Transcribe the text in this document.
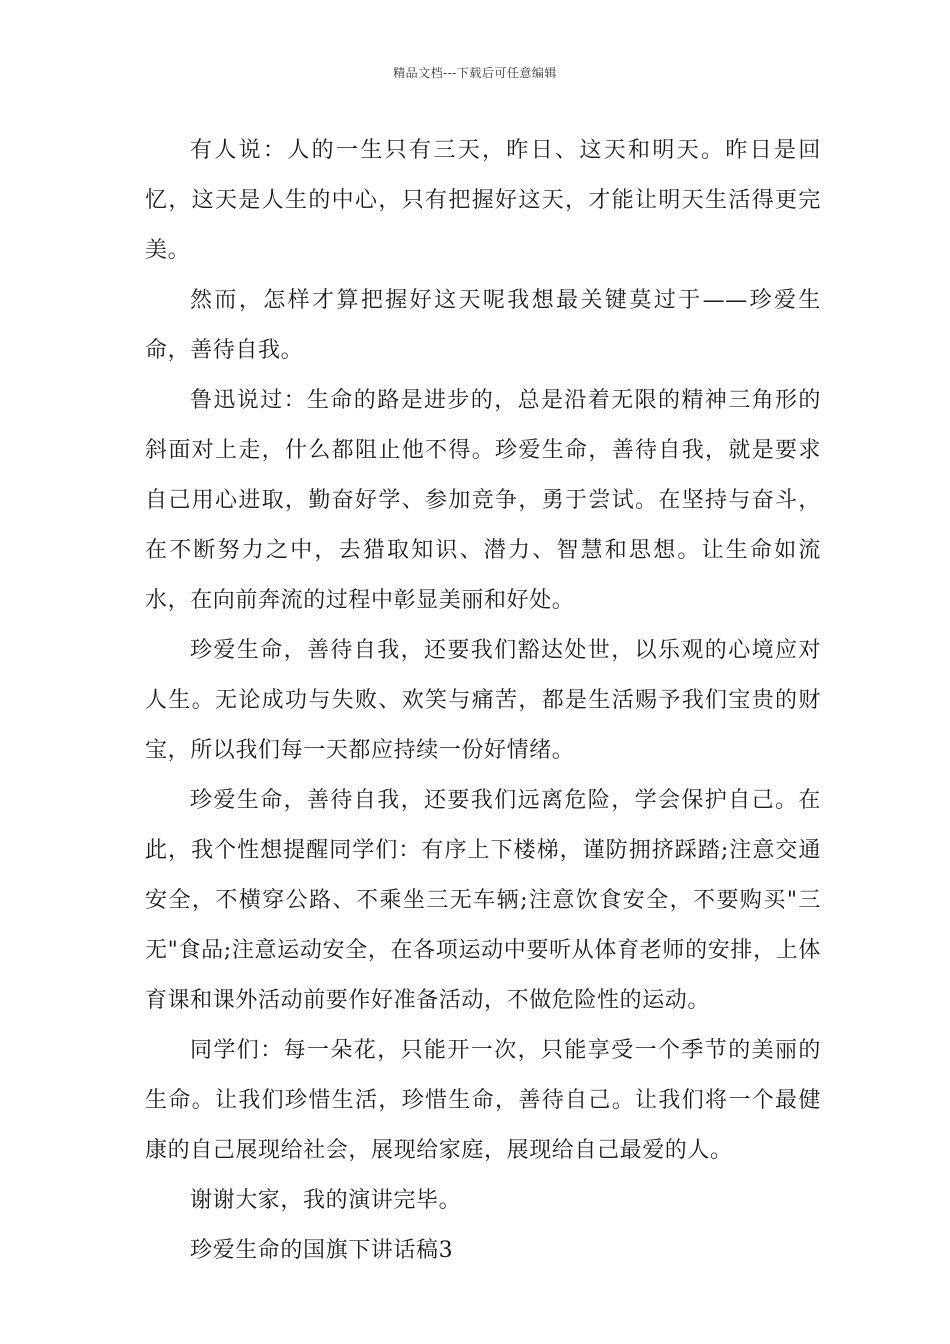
精品文档---下载后可任意编辑

有人说：人的一生只有三天，昨日、这天和明天。昨日是回忆，这天是人生的中心，只有把握好这天，才能让明天生活得更完美。

然而，怎样才算把握好这天呢我想最关键莫过于——珍爱生命，善待自我。

鲁迅说过：生命的路是进步的，总是沿着无限的精神三角形的斜面对上走，什么都阻止他不得。珍爱生命，善待自我，就是要求自己用心进取，勤奋好学、参加竞争，勇于尝试。在坚持与奋斗，在不断努力之中，去猎取知识、潜力、智慧和思想。让生命如流水，在向前奔流的过程中彰显美丽和好处。

珍爱生命，善待自我，还要我们豁达处世，以乐观的心境应对人生。无论成功与失败、欢笑与痛苦，都是生活赐予我们宝贵的财宝，所以我们每一天都应持续一份好情绪。

珍爱生命，善待自我，还要我们远离危险，学会保护自己。在此，我个性想提醒同学们：有序上下楼梯，谨防拥挤踩踏;注意交通安全，不横穿公路、不乘坐三无车辆;注意饮食安全，不要购买"三无"食品;注意运动安全，在各项运动中要听从体育老师的安排，上体育课和课外活动前要作好准备活动，不做危险性的运动。

同学们：每一朵花，只能开一次，只能享受一个季节的美丽的生命。让我们珍惜生活，珍惜生命，善待自己。让我们将一个最健康的自己展现给社会，展现给家庭，展现给自己最爱的人。

谢谢大家，我的演讲完毕。

珍爱生命的国旗下讲话稿3
